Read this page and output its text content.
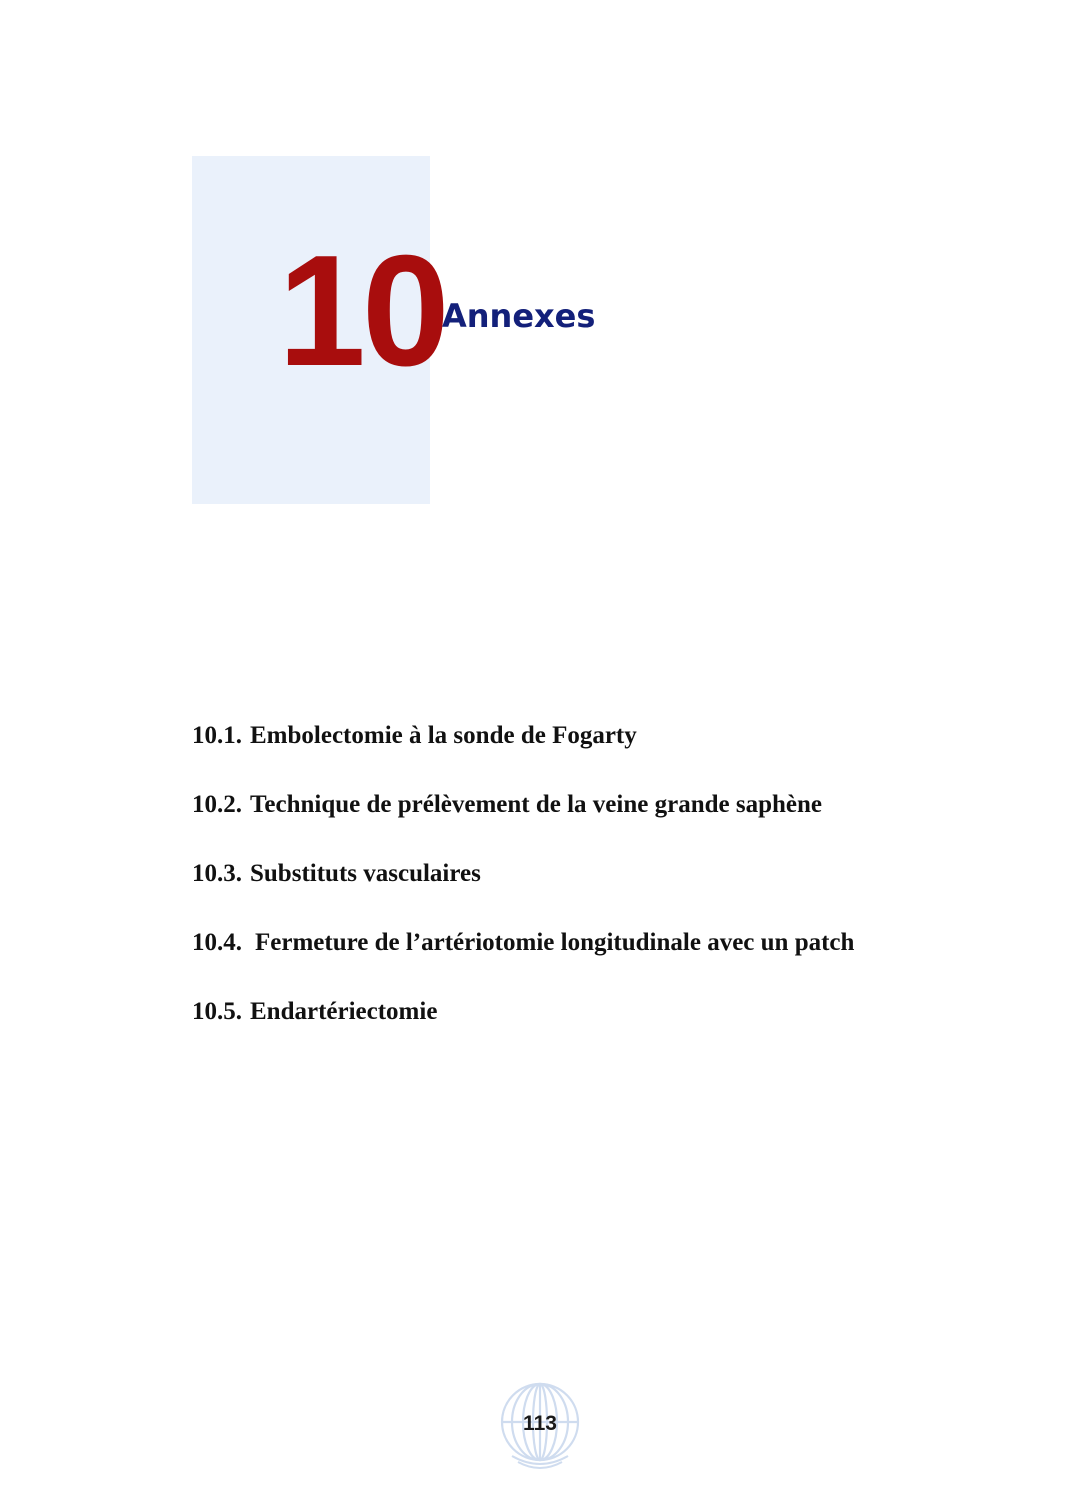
10
Annexes
10.1. Embolectomie à la sonde de Fogarty
10.2. Technique de prélèvement de la veine grande saphène
10.3. Substituts vasculaires
10.4. Fermeture de l’artériotomie longitudinale avec un patch
10.5. Endartériectomie
113
